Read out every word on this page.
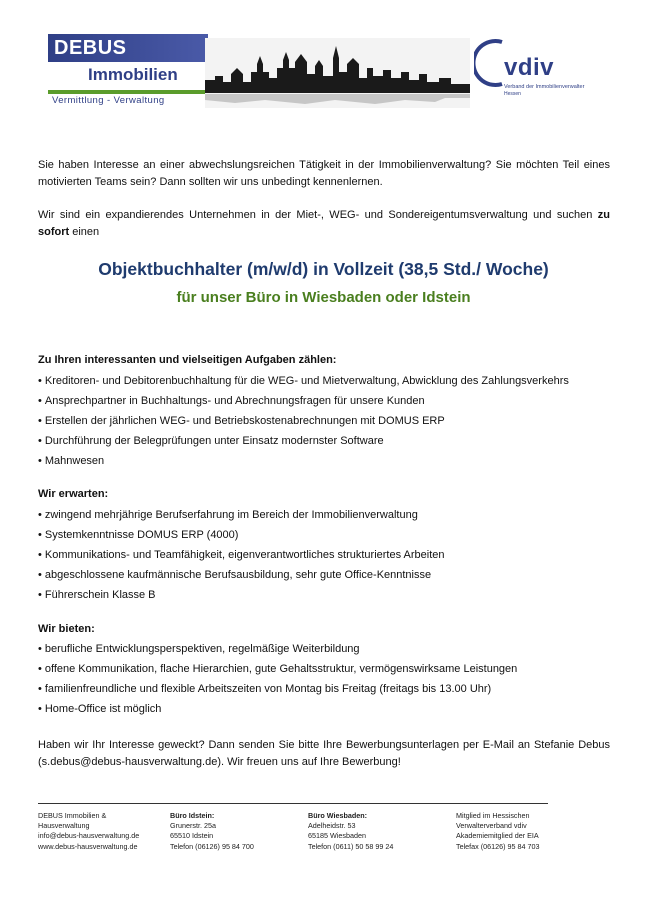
DEBUS
Immobilien
Vermittlung - Verwaltung
vdiv
Verband der Immobilienverwalter
Hessen

Sie haben Interesse an einer abwechslungsreichen Tätigkeit in der Immobilienverwaltung? Sie möchten Teil eines motivierten Teams sein? Dann sollten wir uns unbedingt kennenlernen.

Wir sind ein expandierendes Unternehmen in der Miet-, WEG- und Sondereigentumsverwaltung und suchen zu sofort einen

Objektbuchhalter (m/w/d) in Vollzeit (38,5 Std./ Woche)
für unser Büro in Wiesbaden oder Idstein

Zu Ihren interessanten und vielseitigen Aufgaben zählen:

• Kreditoren- und Debitorenbuchhaltung für die WEG- und Mietverwaltung, Abwicklung des Zahlungsverkehrs
• Ansprechpartner in Buchhaltungs- und Abrechnungsfragen für unsere Kunden
• Erstellen der jährlichen WEG- und Betriebskostenabrechnungen mit DOMUS ERP
• Durchführung der Belegprüfungen unter Einsatz modernster Software
• Mahnwesen

Wir erwarten:

• zwingend mehrjährige Berufserfahrung im Bereich der Immobilienverwaltung
• Systemkenntnisse DOMUS ERP (4000)
• Kommunikations- und Teamfähigkeit, eigenverantwortliches strukturiertes Arbeiten
• abgeschlossene kaufmännische Berufsausbildung, sehr gute Office-Kenntnisse
• Führerschein Klasse B

Wir bieten:

• berufliche Entwicklungsperspektiven, regelmäßige Weiterbildung
• offene Kommunikation, flache Hierarchien, gute Gehaltsstruktur, vermögenswirksame Leistungen
• familienfreundliche und flexible Arbeitszeiten von Montag bis Freitag (freitags bis 13.00 Uhr)
• Home-Office ist möglich

Haben wir Ihr Interesse geweckt? Dann senden Sie bitte Ihre Bewerbungsunterlagen per E-Mail an Stefanie Debus (s.debus@debus-hausverwaltung.de). Wir freuen uns auf Ihre Bewerbung!

DEBUS Immobilien &
Hausverwaltung
info@debus-hausverwaltung.de
www.debus-hausverwaltung.de
Büro Idstein:
Grunerstr. 25a
65510 Idstein
Telefon (06126) 95 84 700
Büro Wiesbaden:
Adelheidstr. 53
65185 Wiesbaden
Telefon (0611) 50 58 99 24
Mitglied im Hessischen
Verwalterverband vdiv
Akademiemitglied der EIA
Telefax (06126) 95 84 703
